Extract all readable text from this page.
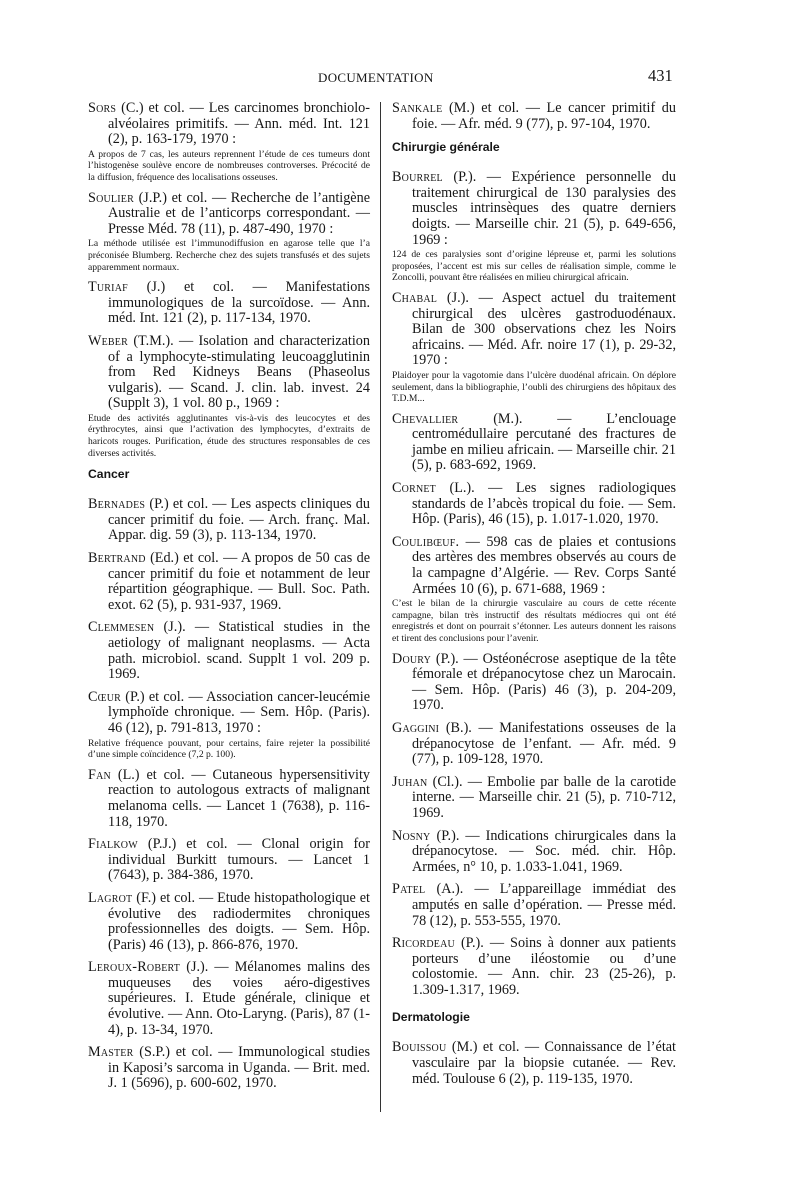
DOCUMENTATION	431
Sors (C.) et col. — Les carcinomes bronchiolo-alvéolaires primitifs. — Ann. méd. Int. 121 (2), p. 163-179, 1970 :
A propos de 7 cas, les auteurs reprennent l’étude de ces tumeurs dont l’histogenèse soulève encore de nombreuses controverses. Précocité de la diffusion, fréquence des localisations osseuses.
Soulier (J.P.) et col. — Recherche de l’antigène Australie et de l’anticorps correspondant. — Presse Méd. 78 (11), p. 487-490, 1970 :
La méthode utilisée est l’immunodiffusion en agarose telle que l’a préconisée Blumberg. Recherche chez des sujets transfusés et des sujets apparemment normaux.
Turiaf (J.) et col. — Manifestations immunologiques de la surcoïdose. — Ann. méd. Int. 121 (2), p. 117-134, 1970.
Weber (T.M.). — Isolation and characterization of a lymphocyte-stimulating leucoagglutinin from Red Kidneys Beans (Phaseolus vulgaris). — Scand. J. clin. lab. invest. 24 (Supplt 3), 1 vol. 80 p., 1969 :
Etude des activités agglutinantes vis-à-vis des leucocytes et des érythrocytes, ainsi que l’activation des lymphocytes, d’extraits de haricots rouges. Purification, étude des structures responsables de ces diverses activités.
Cancer
Bernades (P.) et col. — Les aspects cliniques du cancer primitif du foie. — Arch. franç. Mal. Appar. dig. 59 (3), p. 113-134, 1970.
Bertrand (Ed.) et col. — A propos de 50 cas de cancer primitif du foie et notamment de leur répartition géographique. — Bull. Soc. Path. exot. 62 (5), p. 931-937, 1969.
Clemmesen (J.). — Statistical studies in the aetiology of malignant neoplasms. — Acta path. microbiol. scand. Supplt 1 vol. 209 p. 1969.
Cœur (P.) et col. — Association cancer-leucémie lymphoïde chronique. — Sem. Hôp. (Paris). 46 (12), p. 791-813, 1970 :
Relative fréquence pouvant, pour certains, faire rejeter la possibilité d’une simple coïncidence (7,2 p. 100).
Fan (L.) et col. — Cutaneous hypersensitivity reaction to autologous extracts of malignant melanoma cells. — Lancet 1 (7638), p. 116-118, 1970.
Fialkow (P.J.) et col. — Clonal origin for individual Burkitt tumours. — Lancet 1 (7643), p. 384-386, 1970.
Lagrot (F.) et col. — Etude histopathologique et évolutive des radiodermites chroniques professionnelles des doigts. — Sem. Hôp. (Paris) 46 (13), p. 866-876, 1970.
Leroux-Robert (J.). — Mélanomes malins des muqueuses des voies aéro-digestives supérieures. I. Etude générale, clinique et évolutive. — Ann. Oto-Laryng. (Paris), 87 (1-4), p. 13-34, 1970.
Master (S.P.) et col. — Immunological studies in Kaposi’s sarcoma in Uganda. — Brit. med. J. 1 (5696), p. 600-602, 1970.
Sankale (M.) et col. — Le cancer primitif du foie. — Afr. méd. 9 (77), p. 97-104, 1970.
Chirurgie générale
Bourrel (P.). — Expérience personnelle du traitement chirurgical de 130 paralysies des muscles intrinsèques des quatre derniers doigts. — Marseille chir. 21 (5), p. 649-656, 1969 :
124 de ces paralysies sont d’origine lépreuse et, parmi les solutions proposées, l’accent est mis sur celles de réalisation simple, comme le Zoncolli, pouvant être réalisées en milieu chirurgical africain.
Chabal (J.). — Aspect actuel du traitement chirurgical des ulcères gastroduodénaux. Bilan de 300 observations chez les Noirs africains. — Méd. Afr. noire 17 (1), p. 29-32, 1970 :
Plaidoyer pour la vagotomie dans l’ulcère duodénal africain. On déplore seulement, dans la bibliographie, l’oubli des chirurgiens des hôpitaux des T.D.M...
Chevallier (M.). — L’enclouage centromédullaire percutané des fractures de jambe en milieu africain. — Marseille chir. 21 (5), p. 683-692, 1969.
Cornet (L.). — Les signes radiologiques standards de l’abcès tropical du foie. — Sem. Hôp. (Paris), 46 (15), p. 1.017-1.020, 1970.
Coulibœuf. — 598 cas de plaies et contusions des artères des membres observés au cours de la campagne d’Algérie. — Rev. Corps Santé Armées 10 (6), p. 671-688, 1969 :
C’est le bilan de la chirurgie vasculaire au cours de cette récente campagne, bilan très instructif des résultats médiocres qui ont été enregistrés et dont on pourrait s’étonner. Les auteurs donnent les raisons et tirent des conclusions pour l’avenir.
Doury (P.). — Ostéonécrose aseptique de la tête fémorale et drépanocytose chez un Marocain. — Sem. Hôp. (Paris) 46 (3), p. 204-209, 1970.
Gaggini (B.). — Manifestations osseuses de la drépanocytose de l’enfant. — Afr. méd. 9 (77), p. 109-128, 1970.
Juhan (Cl.). — Embolie par balle de la carotide interne. — Marseille chir. 21 (5), p. 710-712, 1969.
Nosny (P.). — Indications chirurgicales dans la drépanocytose. — Soc. méd. chir. Hôp. Armées, n° 10, p. 1.033-1.041, 1969.
Patel (A.). — L’appareillage immédiat des amputés en salle d’opération. — Presse méd. 78 (12), p. 553-555, 1970.
Ricordeau (P.). — Soins à donner aux patients porteurs d’une iléostomie ou d’une colostomie. — Ann. chir. 23 (25-26), p. 1.309-1.317, 1969.
Dermatologie
Bouissou (M.) et col. — Connaissance de l’état vasculaire par la biopsie cutanée. — Rev. méd. Toulouse 6 (2), p. 119-135, 1970.
